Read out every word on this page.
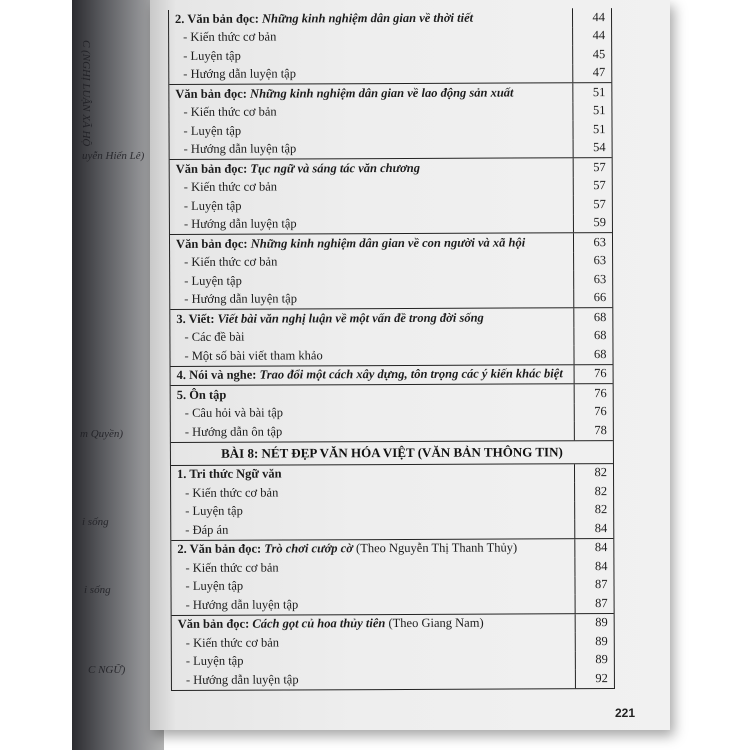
C (NGHỊ LUẬN XÃ HỘ
uyễn Hiến Lê)
m Quyền)
i sống
i sống
C NGỮ)
2. Văn bản đọc: Những kinh nghiệm dân gian về thời tiết	44
- Kiến thức cơ bản	44
- Luyện tập	45
- Hướng dẫn luyện tập	47
Văn bản đọc: Những kinh nghiệm dân gian về lao động sản xuất	51
- Kiến thức cơ bản	51
- Luyện tập	51
- Hướng dẫn luyện tập	54
Văn bản đọc: Tục ngữ và sáng tác văn chương	57
- Kiến thức cơ bản	57
- Luyện tập	57
- Hướng dẫn luyện tập	59
Văn bản đọc: Những kinh nghiệm dân gian về con người và xã hội	63
- Kiến thức cơ bản	63
- Luyện tập	63
- Hướng dẫn luyện tập	66
3. Viết: Viết bài văn nghị luận về một vấn đề trong đời sống	68
- Các đề bài	68
- Một số bài viết tham khảo	68
4. Nói và nghe: Trao đổi một cách xây dựng, tôn trọng các ý kiến khác biệt	76
5. Ôn tập	76
- Câu hỏi và bài tập	76
- Hướng dẫn ôn tập	78
BÀI 8: NÉT ĐẸP VĂN HÓA VIỆT (VĂN BẢN THÔNG TIN)
1. Tri thức Ngữ văn	82
- Kiến thức cơ bản	82
- Luyện tập	82
- Đáp án	84
2. Văn bản đọc: Trò chơi cướp cờ (Theo Nguyễn Thị Thanh Thủy)	84
- Kiến thức cơ bản	84
- Luyện tập	87
- Hướng dẫn luyện tập	87
Văn bản đọc: Cách gọt củ hoa thủy tiên (Theo Giang Nam)	89
- Kiến thức cơ bản	89
- Luyện tập	89
- Hướng dẫn luyện tập	92
221
